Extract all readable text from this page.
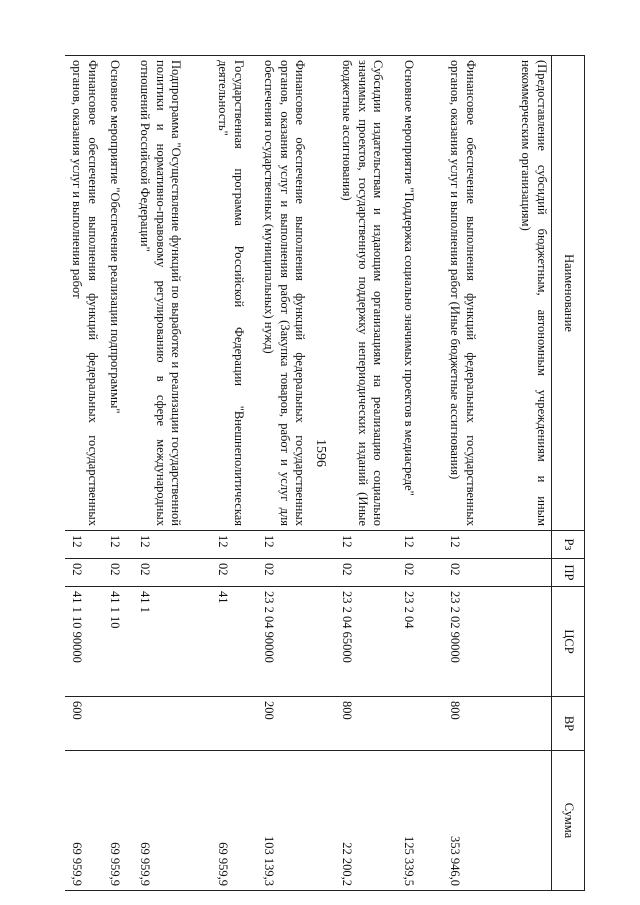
1596
Наименование	Рз	ПР	ЦСР	ВР	Сумма
(Предоставление субсидий бюджетным, автономным учреждениям и иным некоммерческим организациям)					
Финансовое обеспечение выполнения функций федеральных государственных органов, оказания услуг и выполнения работ (Иные бюджетные ассигнования)	12	02	23 2 02 90000	800	353 946,0
Основное мероприятие "Поддержка социально значимых проектов в медиасреде"	12	02	23 2 04		125 339,5
Субсидии издательствам и издающим организациям на реализацию социально значимых проектов, государственную поддержку непериодических изданий (Иные бюджетные ассигнования)	12	02	23 2 04 65000	800	22 200,2
Финансовое обеспечение выполнения функций федеральных государственных органов, оказания услуг и выполнения работ (Закупка товаров, работ и услуг для обеспечения государственных (муниципальных) нужд)	12	02	23 2 04 90000	200	103 139,3
Государственная программа Российской Федерации "Внешнеполитическая деятельность"	12	02	41		69 959,9
Подпрограмма "Осуществление функций по выработке и реализации государственной политики и нормативно-правовому регулированию в сфере международных отношений Российской Федерации"	12	02	41 1		69 959,9
Основное мероприятие "Обеспечение реализации подпрограммы"	12	02	41 1 10		69 959,9
Финансовое обеспечение выполнения функций федеральных государственных органов, оказания услуг и выполнения работ	12	02	41 1 10 90000	600	69 959,9
